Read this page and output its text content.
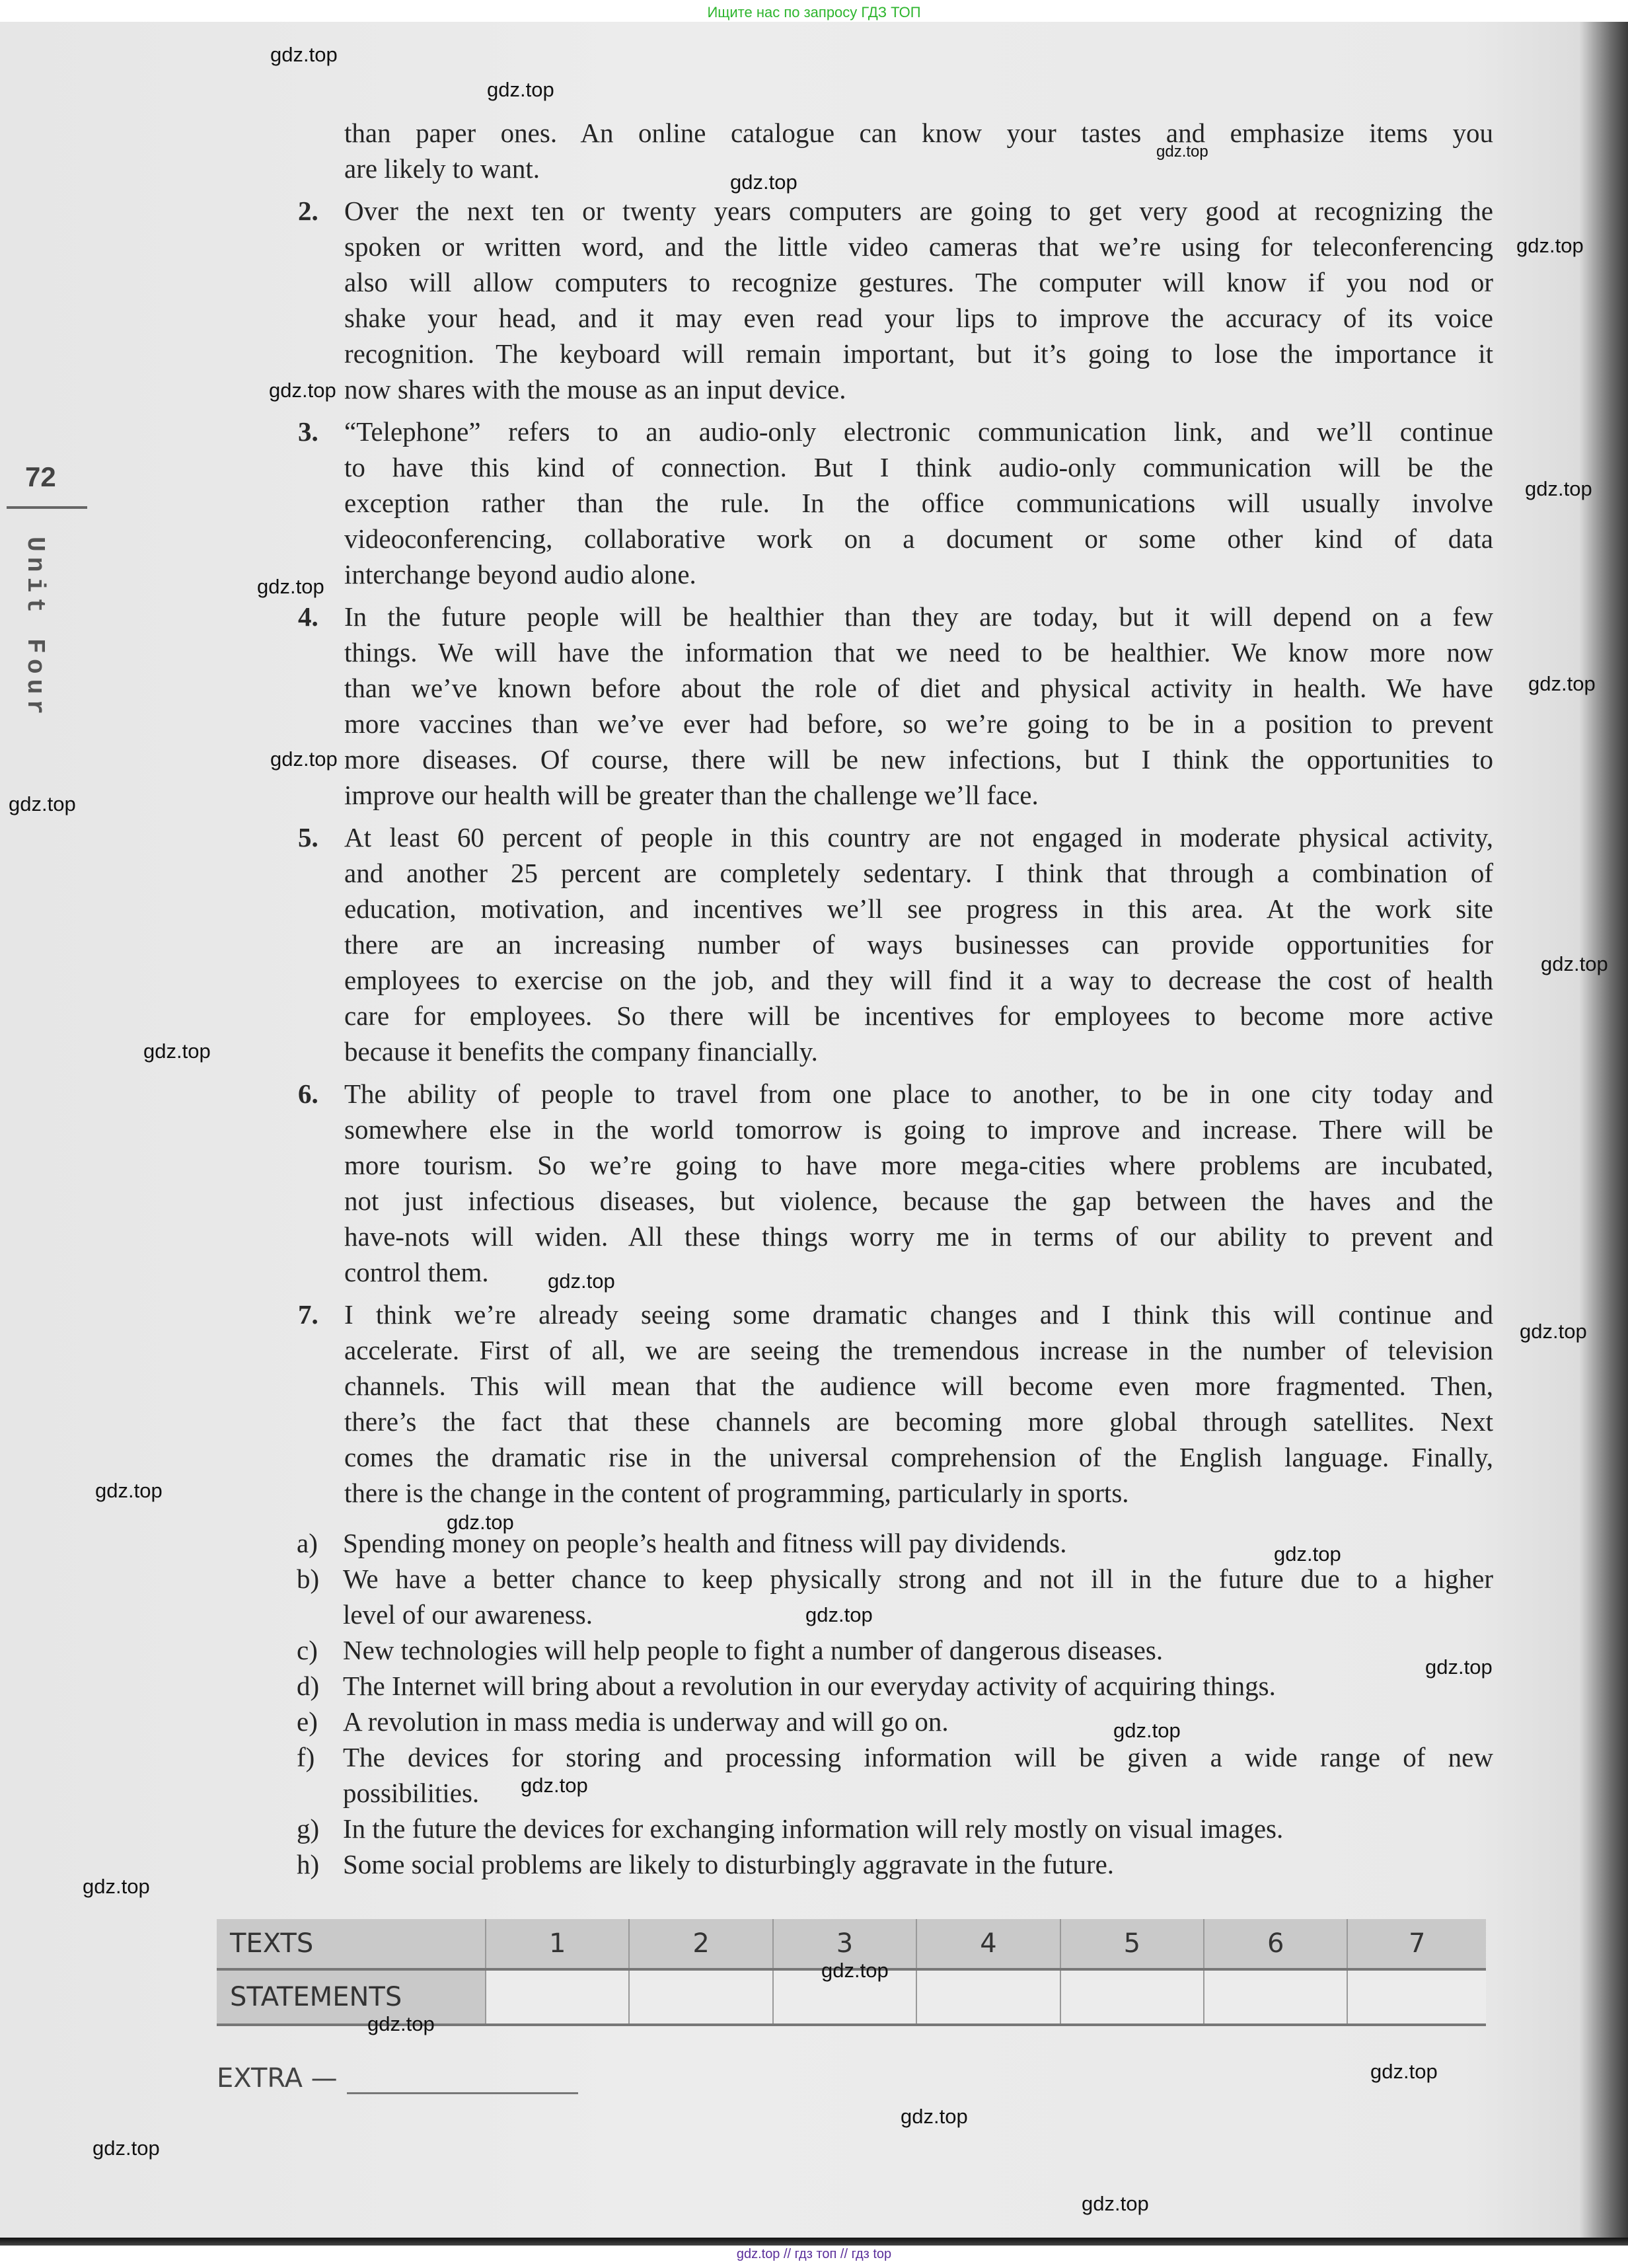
Ищите нас по запросу ГДЗ ТОП
gdz.top // гдз топ // гдз top
72
Unit Four
than paper ones. An online catalogue can know your tastes and emphasize items you
are likely to want.
2. Over the next ten or twenty years computers are going to get very good at recognizing the
spoken or written word, and the little video cameras that we’re using for teleconferencing
also will allow computers to recognize gestures. The computer will know if you nod or
shake your head, and it may even read your lips to improve the accuracy of its voice
recognition. The keyboard will remain important, but it’s going to lose the importance it
now shares with the mouse as an input device.
3. “Telephone” refers to an audio-only electronic communication link, and we’ll continue
to have this kind of connection. But I think audio-only communication will be the
exception rather than the rule. In the office communications will usually involve
videoconferencing, collaborative work on a document or some other kind of data
interchange beyond audio alone.
4. In the future people will be healthier than they are today, but it will depend on a few
things. We will have the information that we need to be healthier. We know more now
than we’ve known before about the role of diet and physical activity in health. We have
more vaccines than we’ve ever had before, so we’re going to be in a position to prevent
more diseases. Of course, there will be new infections, but I think the opportunities to
improve our health will be greater than the challenge we’ll face.
5. At least 60 percent of people in this country are not engaged in moderate physical activity,
and another 25 percent are completely sedentary. I think that through a combination of
education, motivation, and incentives we’ll see progress in this area. At the work site
there are an increasing number of ways businesses can provide opportunities for
employees to exercise on the job, and they will find it a way to decrease the cost of health
care for employees. So there will be incentives for employees to become more active
because it benefits the company financially.
6. The ability of people to travel from one place to another, to be in one city today and
somewhere else in the world tomorrow is going to improve and increase. There will be
more tourism. So we’re going to have more mega-cities where problems are incubated,
not just infectious diseases, but violence, because the gap between the haves and the
have-nots will widen. All these things worry me in terms of our ability to prevent and
control them.
7. I think we’re already seeing some dramatic changes and I think this will continue and
accelerate. First of all, we are seeing the tremendous increase in the number of television
channels. This will mean that the audience will become even more fragmented. Then,
there’s the fact that these channels are becoming more global through satellites. Next
comes the dramatic rise in the universal comprehension of the English language. Finally,
there is the change in the content of programming, particularly in sports.
a) Spending money on people’s health and fitness will pay dividends.
b) We have a better chance to keep physically strong and not ill in the future due to a higher
level of our awareness.
c) New technologies will help people to fight a number of dangerous diseases.
d) The Internet will bring about a revolution in our everyday activity of acquiring things.
e) A revolution in mass media is underway and will go on.
f) The devices for storing and processing information will be given a wide range of new
possibilities.
g) In the future the devices for exchanging information will rely mostly on visual images.
h) Some social problems are likely to disturbingly aggravate in the future.
TEXTS	1	2	3	4	5	6	7
STATEMENTS							
EXTRA —
gdz.top
gdz.top
gdz.top
gdz.top
gdz.top
gdz.top
gdz.top
gdz.top
gdz.top
gdz.top
gdz.top
gdz.top
gdz.top
gdz.top
gdz.top
gdz.top
gdz.top
gdz.top
gdz.top
gdz.top
gdz.top
gdz.top
gdz.top
gdz.top
gdz.top
gdz.top
gdz.top
gdz.top
gdz.top
